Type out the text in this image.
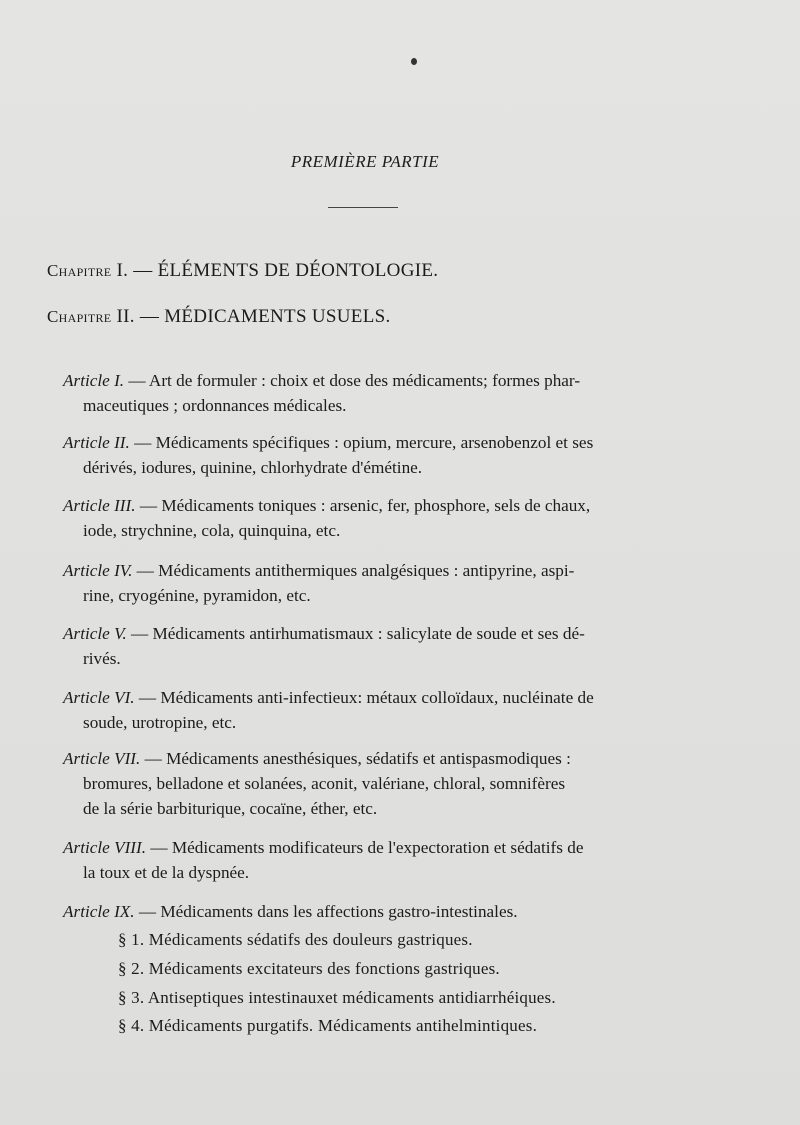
PREMIÈRE PARTIE
Chapitre I. — ÉLÉMENTS DE DÉONTOLOGIE.
Chapitre II. — MÉDICAMENTS USUELS.
Article I. — Art de formuler : choix et dose des médicaments; formes phar-
maceutiques ; ordonnances médicales.
Article II. — Médicaments spécifiques : opium, mercure, arsenobenzol et ses
dérivés, iodures, quinine, chlorhydrate d'émétine.
Article III. — Médicaments toniques : arsenic, fer, phosphore, sels de chaux,
iode, strychnine, cola, quinquina, etc.
Article IV. — Médicaments antithermiques analgésiques : antipyrine, aspi-
rine, cryogénine, pyramidon, etc.
Article V. — Médicaments antirhumatismaux : salicylate de soude et ses dé-
rivés.
Article VI. — Médicaments anti-infectieux: métaux colloïdaux, nucléinate de
soude, urotropine, etc.
Article VII. — Médicaments anesthésiques, sédatifs et antispasmodiques :
bromures, belladone et solanées, aconit, valériane, chloral, somnifères
de la série barbiturique, cocaïne, éther, etc.
Article VIII. — Médicaments modificateurs de l'expectoration et sédatifs de
la toux et de la dyspnée.
Article IX. — Médicaments dans les affections gastro-intestinales.
§ 1. Médicaments sédatifs des douleurs gastriques.
§ 2. Médicaments excitateurs des fonctions gastriques.
§ 3. Antiseptiques intestinauxet médicaments antidiarrhéiques.
§ 4. Médicaments purgatifs. Médicaments antihelmintiques.
